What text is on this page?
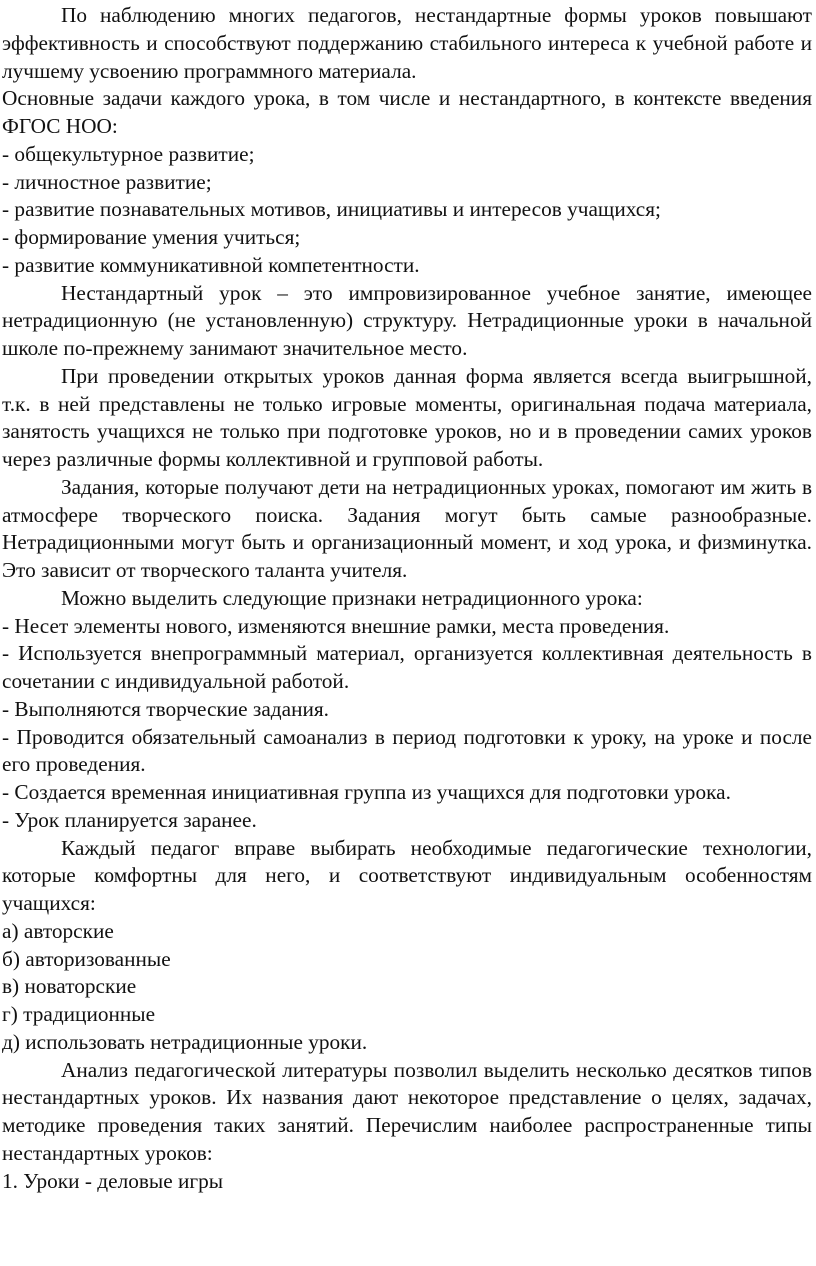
По наблюдению многих педагогов, нестандартные формы уроков повышают эффективность и способствуют поддержанию стабильного интереса к учебной работе и лучшему усвоению программного материала.

Основные задачи каждого урока, в том числе и нестандартного, в контексте введения ФГОС НОО:

- общекультурное развитие;

- личностное развитие;

- развитие познавательных мотивов, инициативы и интересов учащихся;

- формирование умения учиться;

- развитие коммуникативной компетентности.

Нестандартный урок – это импровизированное учебное занятие, имеющее нетрадиционную (не установленную) структуру. Нетрадиционные уроки в начальной школе по-прежнему занимают значительное место.

При проведении открытых уроков данная форма является всегда выигрышной, т.к. в ней представлены не только игровые моменты, оригинальная подача материала, занятость учащихся не только при подготовке уроков, но и в проведении самих уроков через различные формы коллективной и групповой работы.

Задания, которые получают дети на нетрадиционных уроках, помогают им жить в атмосфере творческого поиска. Задания могут быть самые разнообразные. Нетрадиционными могут быть и организационный момент, и ход урока, и физминутка. Это зависит от творческого таланта учителя.

Можно выделить следующие признаки нетрадиционного урока:

- Несет элементы нового, изменяются внешние рамки, места проведения.

- Используется внепрограммный материал, организуется коллективная деятельность в сочетании с индивидуальной работой.

- Выполняются творческие задания.

- Проводится обязательный самоанализ в период подготовки к уроку, на уроке и после его проведения.

- Создается временная инициативная группа из учащихся для подготовки урока.

- Урок планируется заранее.

Каждый педагог вправе выбирать необходимые педагогические технологии, которые комфортны для него, и соответствуют индивидуальным особенностям учащихся:

а) авторские

б) авторизованные

в) новаторские

г) традиционные

д) использовать нетрадиционные уроки.

Анализ педагогической литературы позволил выделить несколько десятков типов нестандартных уроков. Их названия дают некоторое представление о целях, задачах, методике проведения таких занятий. Перечислим наиболее распространенные типы нестандартных уроков:

1. Уроки - деловые игры
